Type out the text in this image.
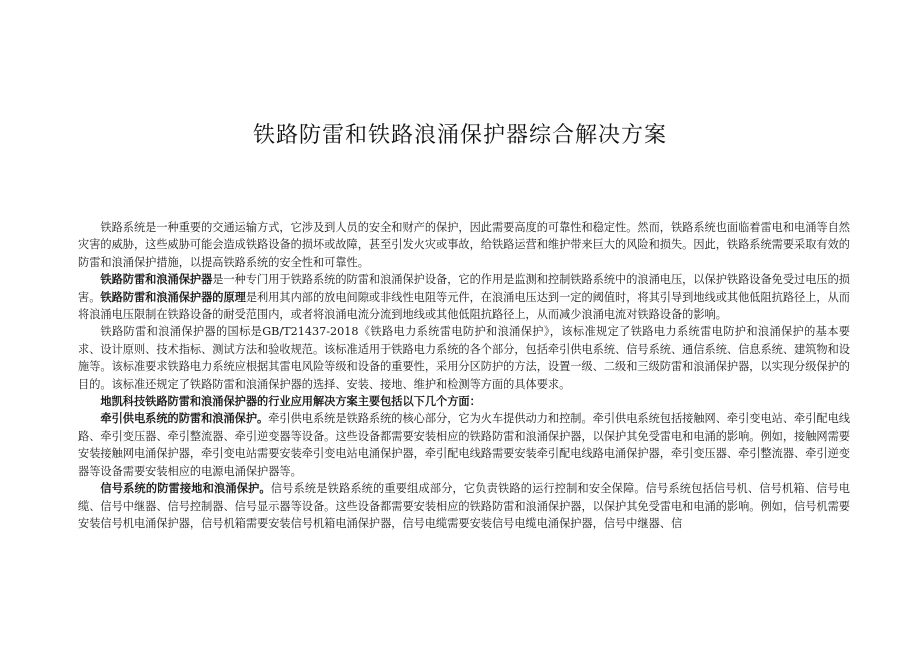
铁路防雷和铁路浪涌保护器综合解决方案

铁路系统是一种重要的交通运输方式，它涉及到人员的安全和财产的保护，因此需要高度的可靠性和稳定性。然而，铁路系统也面临着雷电和电涌等自然灾害的威胁，这些威胁可能会造成铁路设备的损坏或故障，甚至引发火灾或事故，给铁路运营和维护带来巨大的风险和损失。因此，铁路系统需要采取有效的防雷和浪涌保护措施，以提高铁路系统的安全性和可靠性。

铁路防雷和浪涌保护器是一种专门用于铁路系统的防雷和浪涌保护设备，它的作用是监测和控制铁路系统中的浪涌电压，以保护铁路设备免受过电压的损害。铁路防雷和浪涌保护器的原理是利用其内部的放电间隙或非线性电阻等元件，在浪涌电压达到一定的阈值时，将其引导到地线或其他低阻抗路径上，从而将浪涌电压限制在铁路设备的耐受范围内，或者将浪涌电流分流到地线或其他低阻抗路径上，从而减少浪涌电流对铁路设备的影响。

铁路防雷和浪涌保护器的国标是GB/T21437-2018《铁路电力系统雷电防护和浪涌保护》，该标准规定了铁路电力系统雷电防护和浪涌保护的基本要求、设计原则、技术指标、测试方法和验收规范。该标准适用于铁路电力系统的各个部分，包括牵引供电系统、信号系统、通信系统、信息系统、建筑物和设施等。该标准要求铁路电力系统应根据其雷电风险等级和设备的重要性，采用分区防护的方法，设置一级、二级和三级防雷和浪涌保护器，以实现分级保护的目的。该标准还规定了铁路防雷和浪涌保护器的选择、安装、接地、维护和检测等方面的具体要求。

地凯科技铁路防雷和浪涌保护器的行业应用解决方案主要包括以下几个方面：

牵引供电系统的防雷和浪涌保护。牵引供电系统是铁路系统的核心部分，它为火车提供动力和控制。牵引供电系统包括接触网、牵引变电站、牵引配电线路、牵引变压器、牵引整流器、牵引逆变器等设备。这些设备都需要安装相应的铁路防雷和浪涌保护器，以保护其免受雷电和电涌的影响。例如，接触网需要安装接触网电涌保护器，牵引变电站需要安装牵引变电站电涌保护器，牵引配电线路需要安装牵引配电线路电涌保护器，牵引变压器、牵引整流器、牵引逆变器等设备需要安装相应的电源电涌保护器等。

信号系统的防雷接地和浪涌保护。信号系统是铁路系统的重要组成部分，它负责铁路的运行控制和安全保障。信号系统包括信号机、信号机箱、信号电缆、信号中继器、信号控制器、信号显示器等设备。这些设备都需要安装相应的铁路防雷和浪涌保护器，以保护其免受雷电和电涌的影响。例如，信号机需要安装信号机电涌保护器，信号机箱需要安装信号机箱电涌保护器，信号电缆需要安装信号电缆电涌保护器，信号中继器、信
